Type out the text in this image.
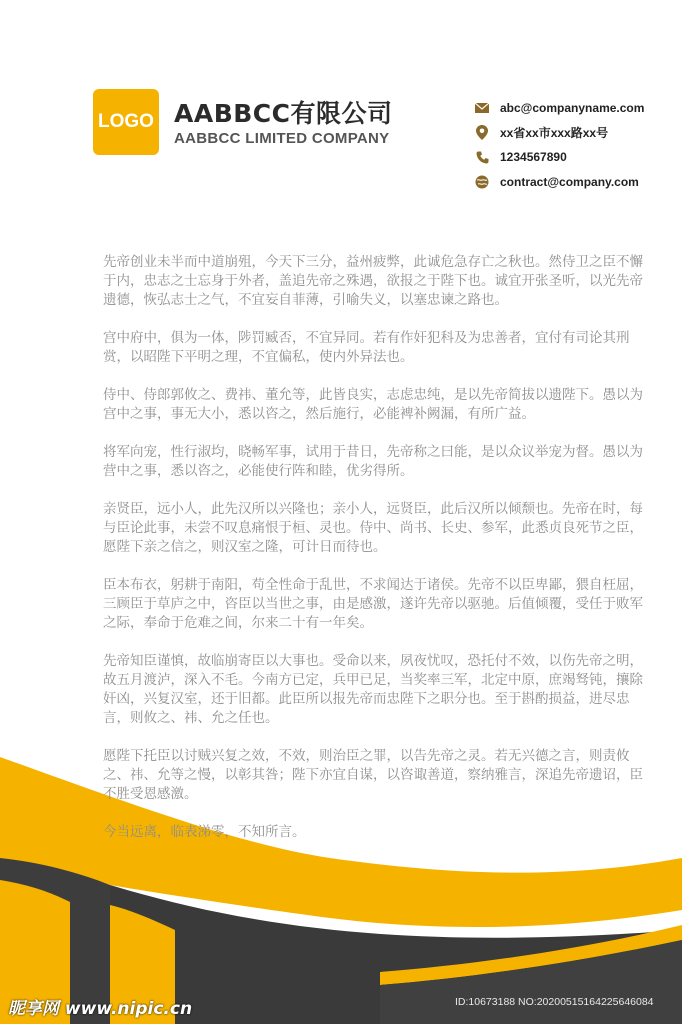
LOGO AABBCC有限公司
AABBCC LIMITED COMPANY
abc@companyname.com
xx省xx市xxx路xx号
1234567890
contract@company.com

先帝创业未半而中道崩殂，今天下三分，益州疲弊，此诚危急存亡之秋也。然侍卫之臣不懈于内，忠志之士忘身于外者，盖追先帝之殊遇，欲报之于陛下也。诚宜开张圣听，以光先帝遗德，恢弘志士之气，不宜妄自菲薄，引喻失义，以塞忠谏之路也。

宫中府中，俱为一体，陟罚臧否，不宜异同。若有作奸犯科及为忠善者，宜付有司论其刑赏，以昭陛下平明之理，不宜偏私，使内外异法也。

侍中、侍郎郭攸之、费祎、董允等，此皆良实，志虑忠纯，是以先帝简拔以遗陛下。愚以为宫中之事，事无大小，悉以咨之，然后施行，必能裨补阙漏，有所广益。

将军向宠，性行淑均，晓畅军事，试用于昔日，先帝称之曰能，是以众议举宠为督。愚以为营中之事，悉以咨之，必能使行阵和睦，优劣得所。

亲贤臣，远小人，此先汉所以兴隆也；亲小人，远贤臣，此后汉所以倾颓也。先帝在时，每与臣论此事，未尝不叹息痛恨于桓、灵也。侍中、尚书、长史、参军，此悉贞良死节之臣，愿陛下亲之信之，则汉室之隆，可计日而待也。

臣本布衣，躬耕于南阳，苟全性命于乱世，不求闻达于诸侯。先帝不以臣卑鄙，猥自枉屈，三顾臣于草庐之中，咨臣以当世之事，由是感激，遂许先帝以驱驰。后值倾覆，受任于败军之际，奉命于危难之间，尔来二十有一年矣。

先帝知臣谨慎，故临崩寄臣以大事也。受命以来，夙夜忧叹，恐托付不效，以伤先帝之明，故五月渡泸，深入不毛。今南方已定，兵甲已足，当奖率三军，北定中原，庶竭驽钝，攘除奸凶，兴复汉室，还于旧都。此臣所以报先帝而忠陛下之职分也。至于斟酌损益，进尽忠言，则攸之、祎、允之任也。

愿陛下托臣以讨贼兴复之效，不效，则治臣之罪，以告先帝之灵。若无兴德之言，则责攸之、祎、允等之慢，以彰其咎；陛下亦宜自谋，以咨诹善道，察纳雅言，深追先帝遗诏，臣不胜受恩感激。

今当远离，临表涕零，不知所言。

昵享网 www.nipic.cn	ID:10673188 NO:20200515164225646084
